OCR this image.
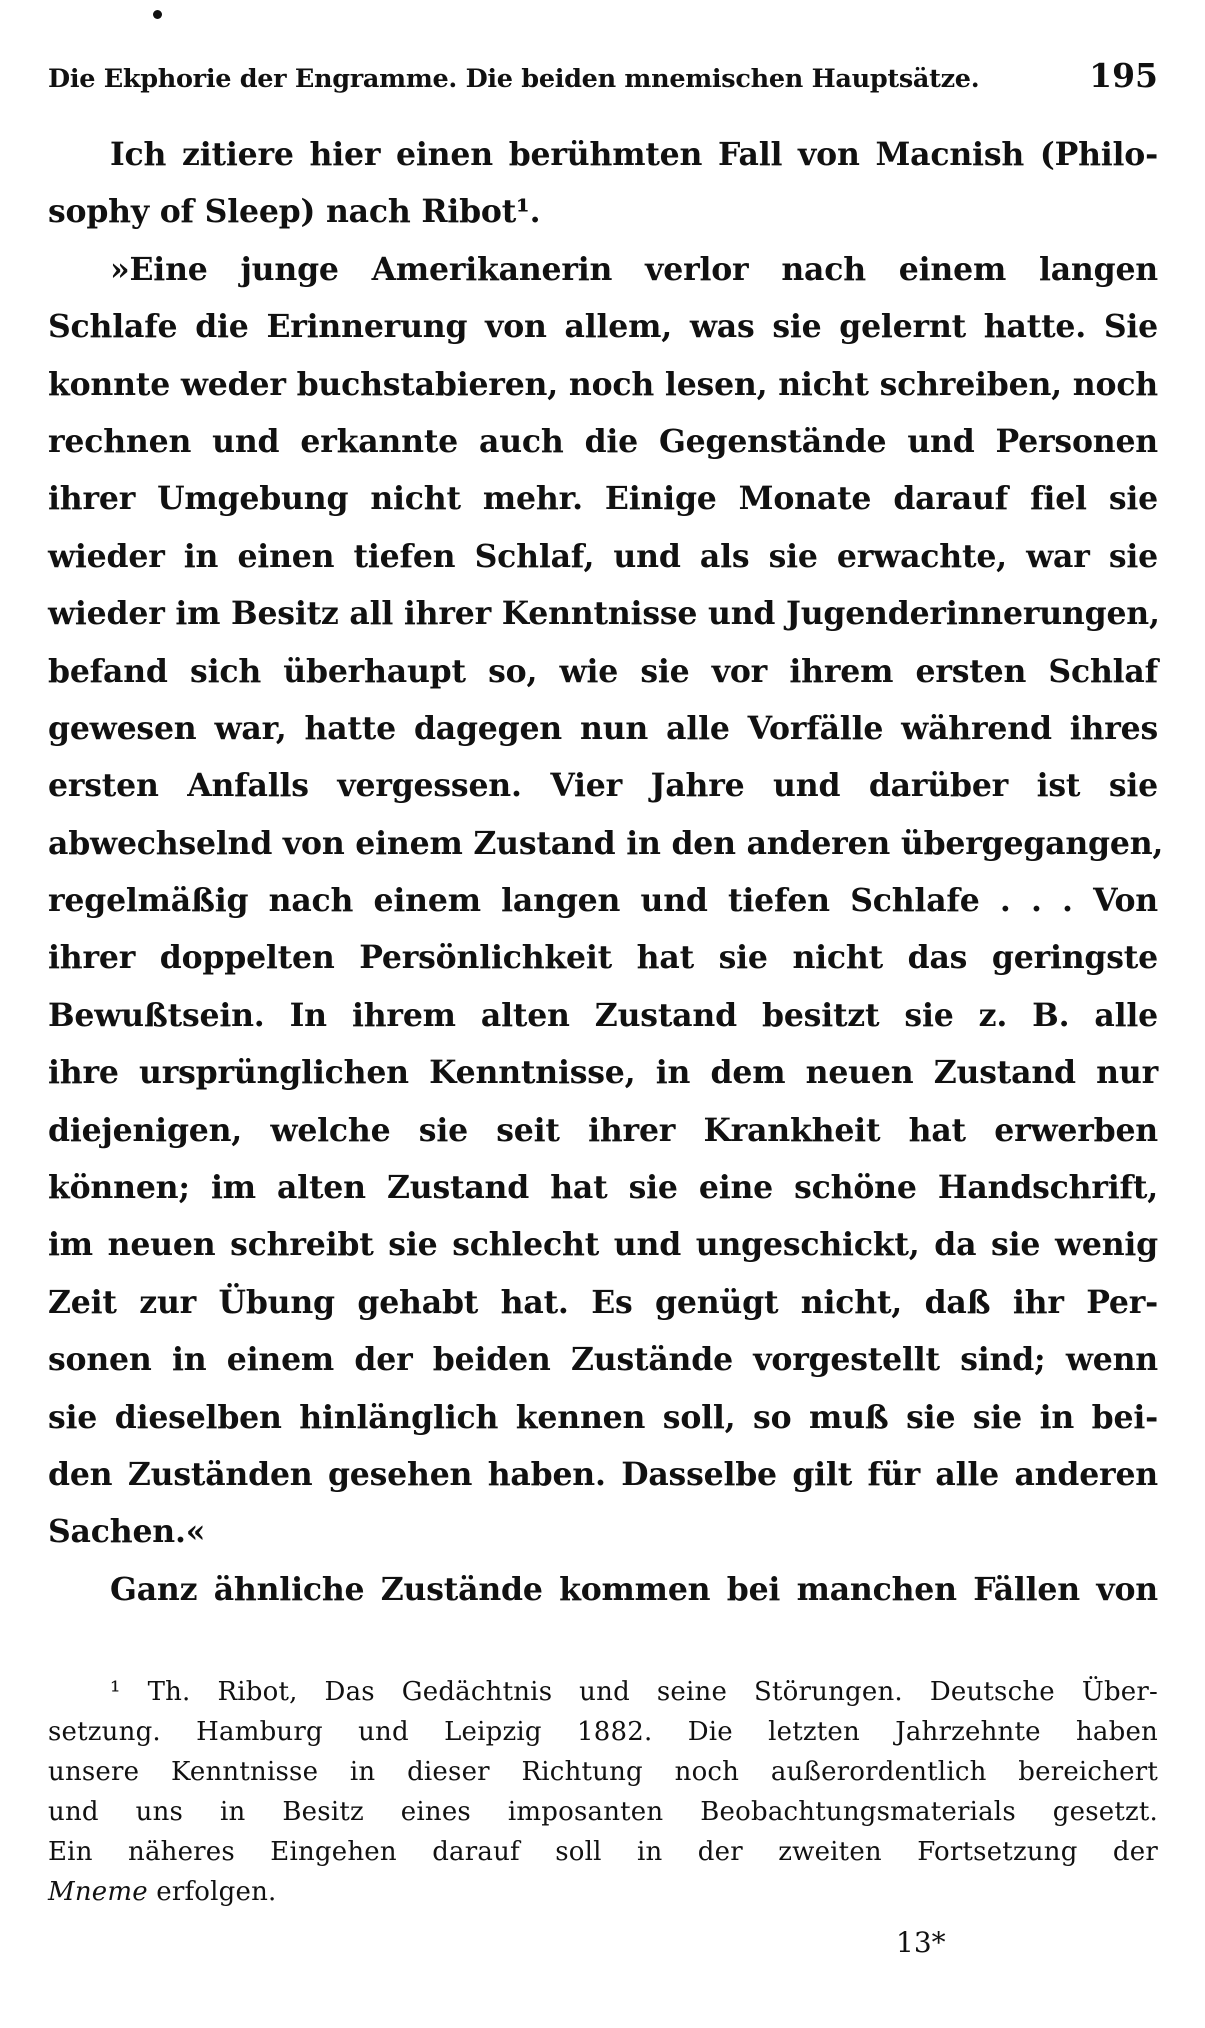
Die Ekphorie der Engramme. Die beiden mnemischen Hauptsätze.	195
Ich zitiere hier einen berühmten Fall von Macnish (Philo-
sophy of Sleep) nach Ribot¹.
»Eine junge Amerikanerin verlor nach einem langen
Schlafe die Erinnerung von allem, was sie gelernt hatte. Sie
konnte weder buchstabieren, noch lesen, nicht schreiben, noch
rechnen und erkannte auch die Gegenstände und Personen
ihrer Umgebung nicht mehr. Einige Monate darauf fiel sie
wieder in einen tiefen Schlaf, und als sie erwachte, war sie
wieder im Besitz all ihrer Kenntnisse und Jugenderinnerungen,
befand sich überhaupt so, wie sie vor ihrem ersten Schlaf
gewesen war, hatte dagegen nun alle Vorfälle während ihres
ersten Anfalls vergessen. Vier Jahre und darüber ist sie
abwechselnd von einem Zustand in den anderen übergegangen,
regelmäßig nach einem langen und tiefen Schlafe . . . Von
ihrer doppelten Persönlichkeit hat sie nicht das geringste
Bewußtsein. In ihrem alten Zustand besitzt sie z. B. alle
ihre ursprünglichen Kenntnisse, in dem neuen Zustand nur
diejenigen, welche sie seit ihrer Krankheit hat erwerben
können; im alten Zustand hat sie eine schöne Handschrift,
im neuen schreibt sie schlecht und ungeschickt, da sie wenig
Zeit zur Übung gehabt hat. Es genügt nicht, daß ihr Per-
sonen in einem der beiden Zustände vorgestellt sind; wenn
sie dieselben hinlänglich kennen soll, so muß sie sie in bei-
den Zuständen gesehen haben. Dasselbe gilt für alle anderen
Sachen.«
Ganz ähnliche Zustände kommen bei manchen Fällen von
¹ Th. Ribot, Das Gedächtnis und seine Störungen. Deutsche Über-
setzung. Hamburg und Leipzig 1882. Die letzten Jahrzehnte haben
unsere Kenntnisse in dieser Richtung noch außerordentlich bereichert
und uns in Besitz eines imposanten Beobachtungsmaterials gesetzt.
Ein näheres Eingehen darauf soll in der zweiten Fortsetzung der
Mneme erfolgen.
13*
